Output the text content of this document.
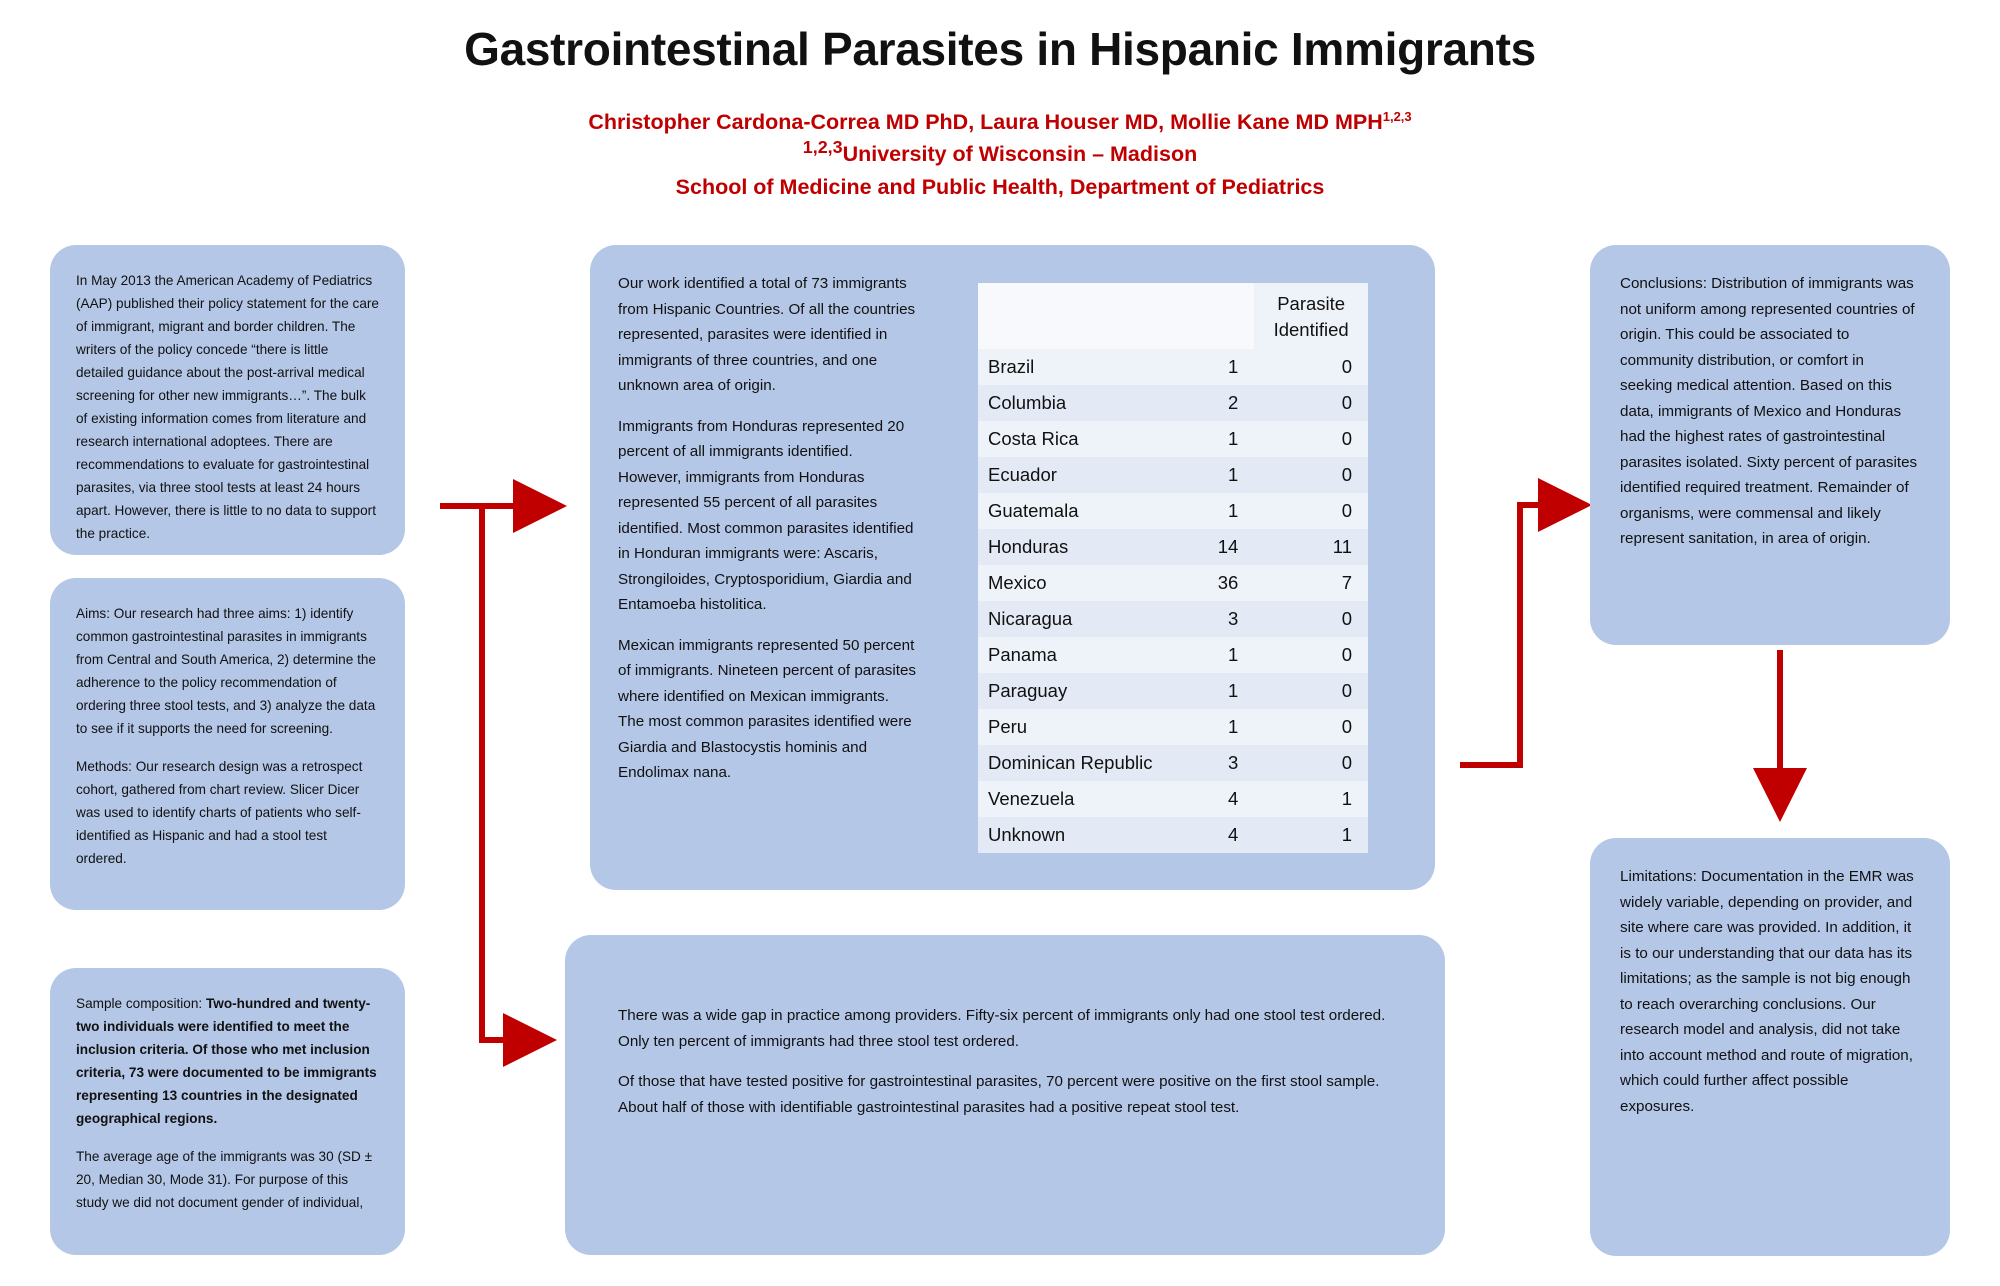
Gastrointestinal Parasites in Hispanic Immigrants
Christopher Cardona-Correa MD PhD, Laura Houser MD, Mollie Kane MD MPH$^{1,2,3}$
$^{1,2,3}$University of Wisconsin – Madison
School of Medicine and Public Health, Department of Pediatrics

In May 2013 the American Academy of Pediatrics (AAP) published their policy statement for the care of immigrant, migrant and border children. The writers of the policy concede “there is little detailed guidance about the post-arrival medical screening for other new immigrants…”. The bulk of existing information comes from literature and research international adoptees. There are recommendations to evaluate for gastrointestinal parasites, via three stool tests at least 24 hours apart. However, there is little to no data to support the practice.

Aims: Our research had three aims: 1) identify common gastrointestinal parasites in immigrants from Central and South America, 2) determine the adherence to the policy recommendation of ordering three stool tests, and 3) analyze the data to see if it supports the need for screening.

Methods: Our research design was a retrospect cohort, gathered from chart review. Slicer Dicer was used to identify charts of patients who self-identified as Hispanic and had a stool test ordered.

Sample composition: Two-hundred and twenty-two individuals were identified to meet the inclusion criteria. Of those who met inclusion criteria, 73 were documented to be immigrants representing 13 countries in the designated geographical regions.

The average age of the immigrants was 30 (SD ± 20, Median 30, Mode 31). For purpose of this study we did not document gender of individual,

Our work identified a total of 73 immigrants from Hispanic Countries. Of all the countries represented, parasites were identified in immigrants of three countries, and one unknown area of origin.

Immigrants from Honduras represented 20 percent of all immigrants identified. However, immigrants from Honduras represented 55 percent of all parasites identified. Most common parasites identified in Honduran immigrants were: Ascaris, Strongiloides, Cryptosporidium, Giardia and Entamoeba histolitica.

Mexican immigrants represented 50 percent of immigrants. Nineteen percent of parasites where identified on Mexican immigrants. The most common parasites identified were Giardia and Blastocystis hominis and Endolimax nana.

		Parasite
Identified

Brazil	1	0
Columbia	2	0
Costa Rica	1	0
Ecuador	1	0
Guatemala	1	0
Honduras	14	11
Mexico	36	7
Nicaragua	3	0
Panama	1	0
Paraguay	1	0
Peru	1	0
Dominican Republic	3	0
Venezuela	4	1
Unknown	4	1

There was a wide gap in practice among providers. Fifty-six percent of immigrants only had one stool test ordered. Only ten percent of immigrants had three stool test ordered.

Of those that have tested positive for gastrointestinal parasites, 70 percent were positive on the first stool sample. About half of those with identifiable gastrointestinal parasites had a positive repeat stool test.

Conclusions: Distribution of immigrants was not uniform among represented countries of origin. This could be associated to community distribution, or comfort in seeking medical attention. Based on this data, immigrants of Mexico and Honduras had the highest rates of gastrointestinal parasites isolated. Sixty percent of parasites identified required treatment. Remainder of organisms, were commensal and likely represent sanitation, in area of origin.

Limitations: Documentation in the EMR was widely variable, depending on provider, and site where care was provided. In addition, it is to our understanding that our data has its limitations; as the sample is not big enough to reach overarching conclusions. Our research model and analysis, did not take into account method and route of migration, which could further affect possible exposures.
